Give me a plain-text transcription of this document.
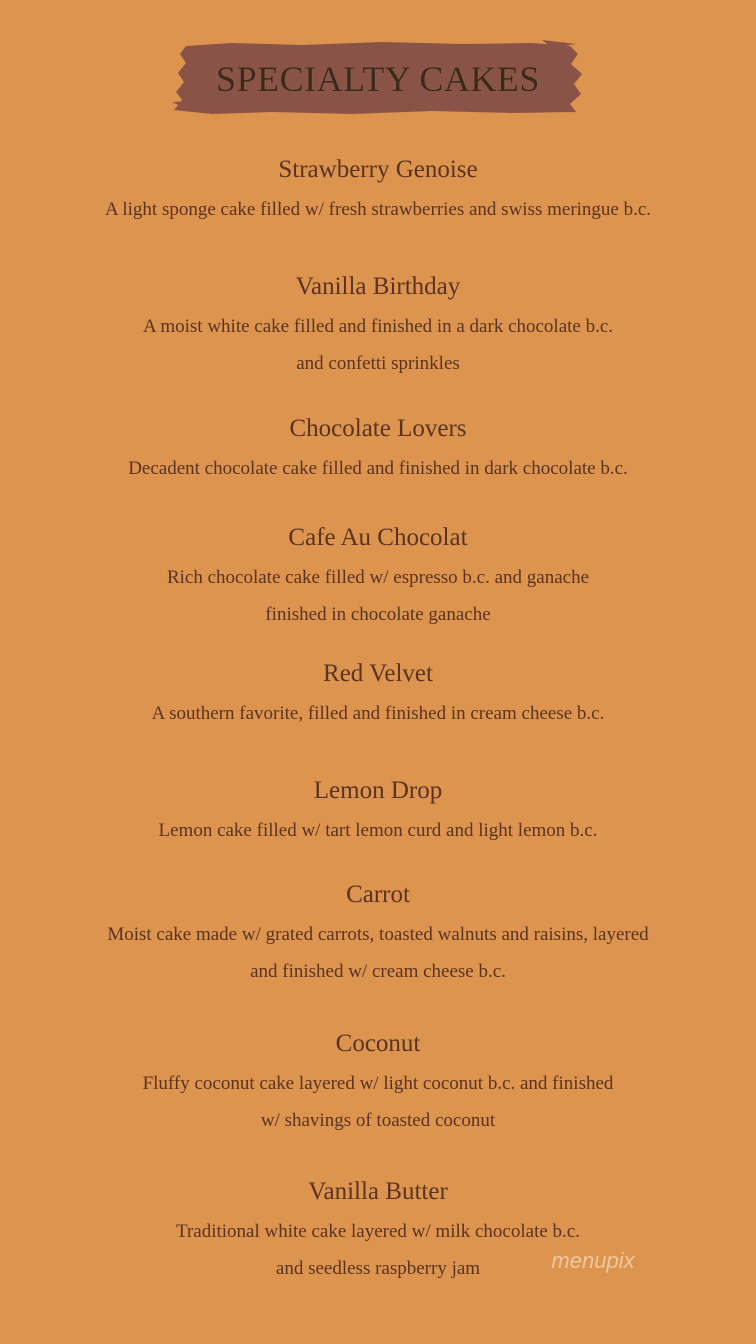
SPECIALTY CAKES
Strawberry Genoise
A light sponge cake filled w/ fresh strawberries and swiss meringue b.c.
Vanilla Birthday
A moist white cake filled and finished in a dark chocolate b.c.
and confetti sprinkles
Chocolate Lovers
Decadent chocolate cake filled and finished in dark chocolate b.c.
Cafe Au Chocolat
Rich chocolate cake filled w/ espresso b.c. and ganache
finished in chocolate ganache
Red Velvet
A southern favorite, filled and finished in cream cheese b.c.
Lemon Drop
Lemon cake filled w/ tart lemon curd and light lemon b.c.
Carrot
Moist cake made w/ grated carrots, toasted walnuts and raisins, layered
and finished w/ cream cheese b.c.
Coconut
Fluffy coconut cake layered w/ light coconut b.c. and finished
w/ shavings of toasted coconut
Vanilla Butter
Traditional white cake layered w/ milk chocolate b.c.
and seedless raspberry jam	menupix
